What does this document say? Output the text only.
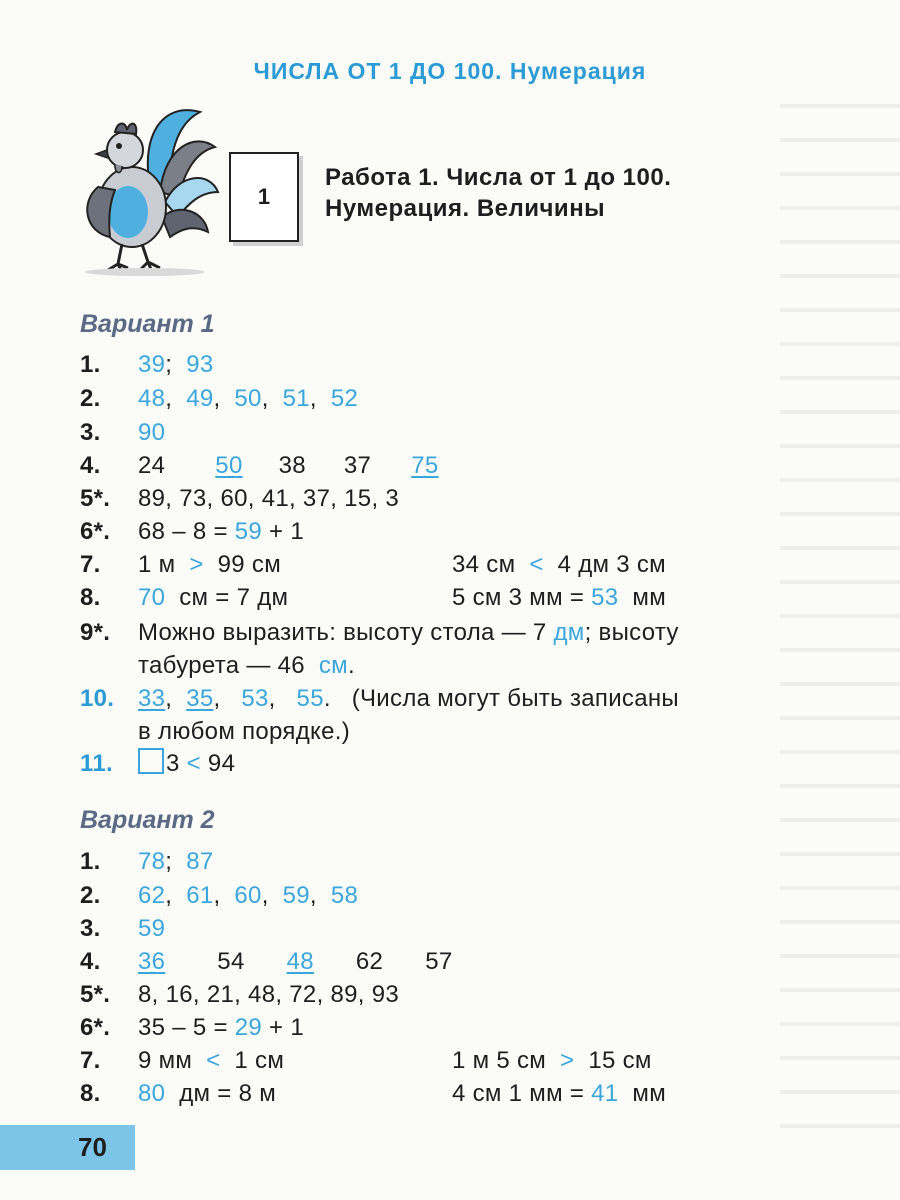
ЧИСЛА ОТ 1 ДО 100. Нумерация
1
Работа 1. Числа от 1 до 100.
Нумерация. Величины
Вариант 1
1. 39; 93
2. 48,  49,  50,  51,  52
3. 90
4. 24 50 38 37 75
5*. 89, 73, 60, 41, 37, 15, 3
6*. 68 – 8 = 59 + 1
7. 1 м > 99 см	34 см < 4 дм 3 см
8. 70 см = 7 дм	5 см 3 мм = 53 мм
9*. Можно выразить: высоту стола — 7 дм; высоту
табурета — 46 см.
10. 33,  35,   53,   55.   (Числа могут быть записаны
в любом порядке.)
11. 3 < 94
Вариант 2
1. 78; 87
2. 62,  61,  60,  59,  58
3. 59
4. 36 54 48 62 57
5*. 8, 16, 21, 48, 72, 89, 93
6*. 35 – 5 = 29 + 1
7. 9 мм < 1 см	1 м 5 см > 15 см
8. 80 дм = 8 м	4 см 1 мм = 41 мм
70
